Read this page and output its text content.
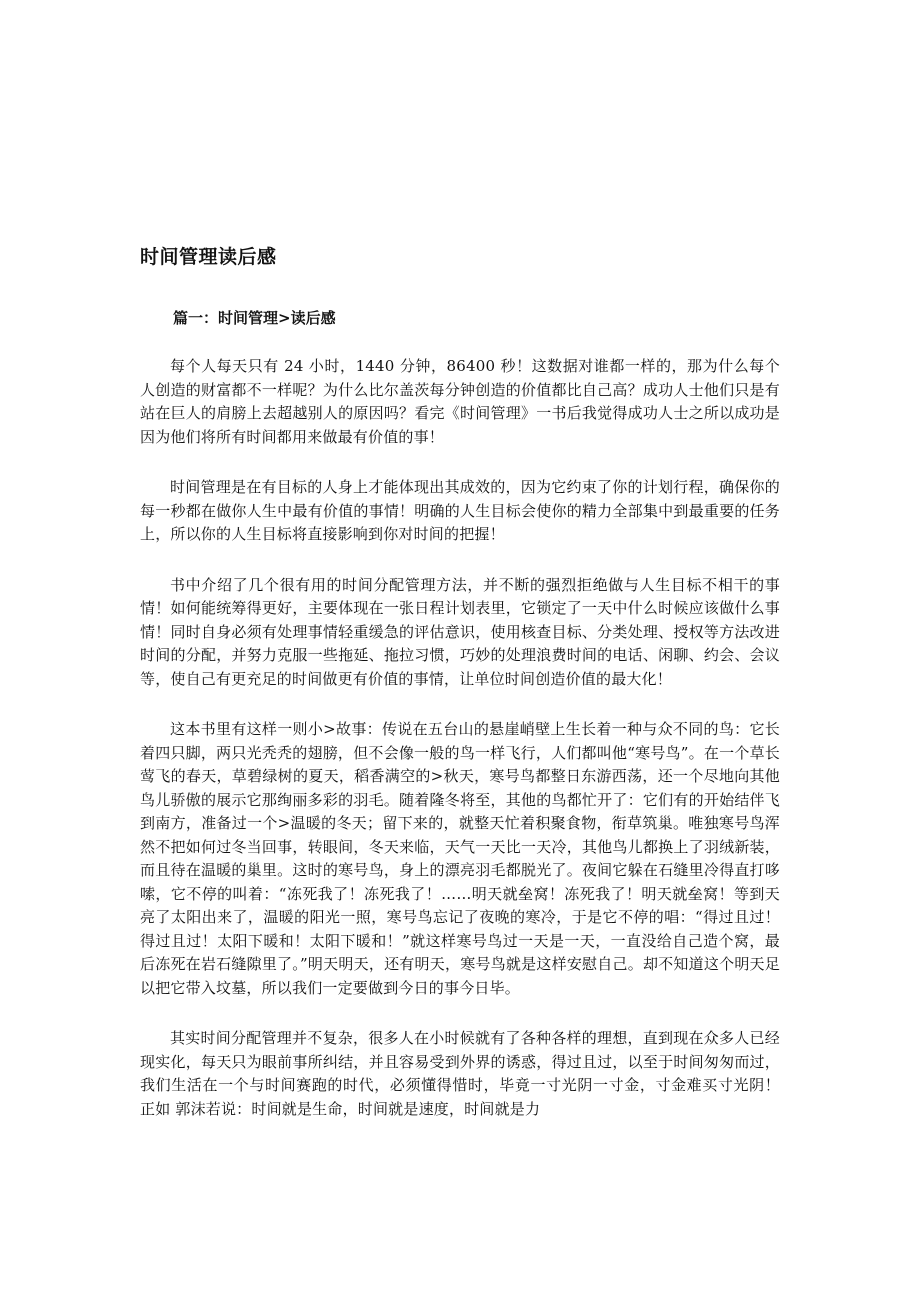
时间管理读后感
篇一：时间管理>读后感

每个人每天只有 24 小时，1440 分钟，86400 秒！这数据对谁都一样的，那为什么每个人创造的财富都不一样呢？为什么比尔盖茨每分钟创造的价值都比自己高？成功人士他们只是有站在巨人的肩膀上去超越别人的原因吗？看完《时间管理》一书后我觉得成功人士之所以成功是因为他们将所有时间都用来做最有价值的事！

时间管理是在有目标的人身上才能体现出其成效的，因为它约束了你的计划行程，确保你的每一秒都在做你人生中最有价值的事情！明确的人生目标会使你的精力全部集中到最重要的任务上，所以你的人生目标将直接影响到你对时间的把握！

书中介绍了几个很有用的时间分配管理方法，并不断的强烈拒绝做与人生目标不相干的事情！如何能统筹得更好，主要体现在一张日程计划表里，它锁定了一天中什么时候应该做什么事情！同时自身必须有处理事情轻重缓急的评估意识，使用核查目标、分类处理、授权等方法改进时间的分配，并努力克服一些拖延、拖拉习惯，巧妙的处理浪费时间的电话、闲聊、约会、会议等，使自己有更充足的时间做更有价值的事情，让单位时间创造价值的最大化！

这本书里有这样一则小>故事：传说在五台山的悬崖峭壁上生长着一种与众不同的鸟：它长着四只脚，两只光秃秃的翅膀，但不会像一般的鸟一样飞行，人们都叫他“寒号鸟”。在一个草长莺飞的春天，草碧绿树的夏天，稻香满空的>秋天，寒号鸟都整日东游西荡，还一个尽地向其他鸟儿骄傲的展示它那绚丽多彩的羽毛。随着隆冬将至，其他的鸟都忙开了：它们有的开始结伴飞到南方，准备过一个>温暖的冬天；留下来的，就整天忙着积聚食物，衔草筑巢。唯独寒号鸟浑然不把如何过冬当回事，转眼间，冬天来临，天气一天比一天冷，其他鸟儿都换上了羽绒新装，而且待在温暖的巢里。这时的寒号鸟，身上的漂亮羽毛都脱光了。夜间它躲在石缝里冷得直打哆嗦，它不停的叫着：“冻死我了！冻死我了！……明天就垒窝！冻死我了！明天就垒窝！等到天亮了太阳出来了，温暖的阳光一照，寒号鸟忘记了夜晚的寒冷，于是它不停的唱：“得过且过！得过且过！太阳下暖和！太阳下暖和！”就这样寒号鸟过一天是一天，一直没给自己造个窝，最后冻死在岩石缝隙里了。”明天明天，还有明天，寒号鸟就是这样安慰自己。却不知道这个明天足以把它带入坟墓，所以我们一定要做到今日的事今日毕。

其实时间分配管理并不复杂，很多人在小时候就有了各种各样的理想，直到现在众多人已经现实化，每天只为眼前事所纠结，并且容易受到外界的诱惑，得过且过，以至于时间匆匆而过，我们生活在一个与时间赛跑的时代，必须懂得惜时，毕竟一寸光阴一寸金，寸金难买寸光阴！ 正如 郭沫若说：时间就是生命，时间就是速度，时间就是力
